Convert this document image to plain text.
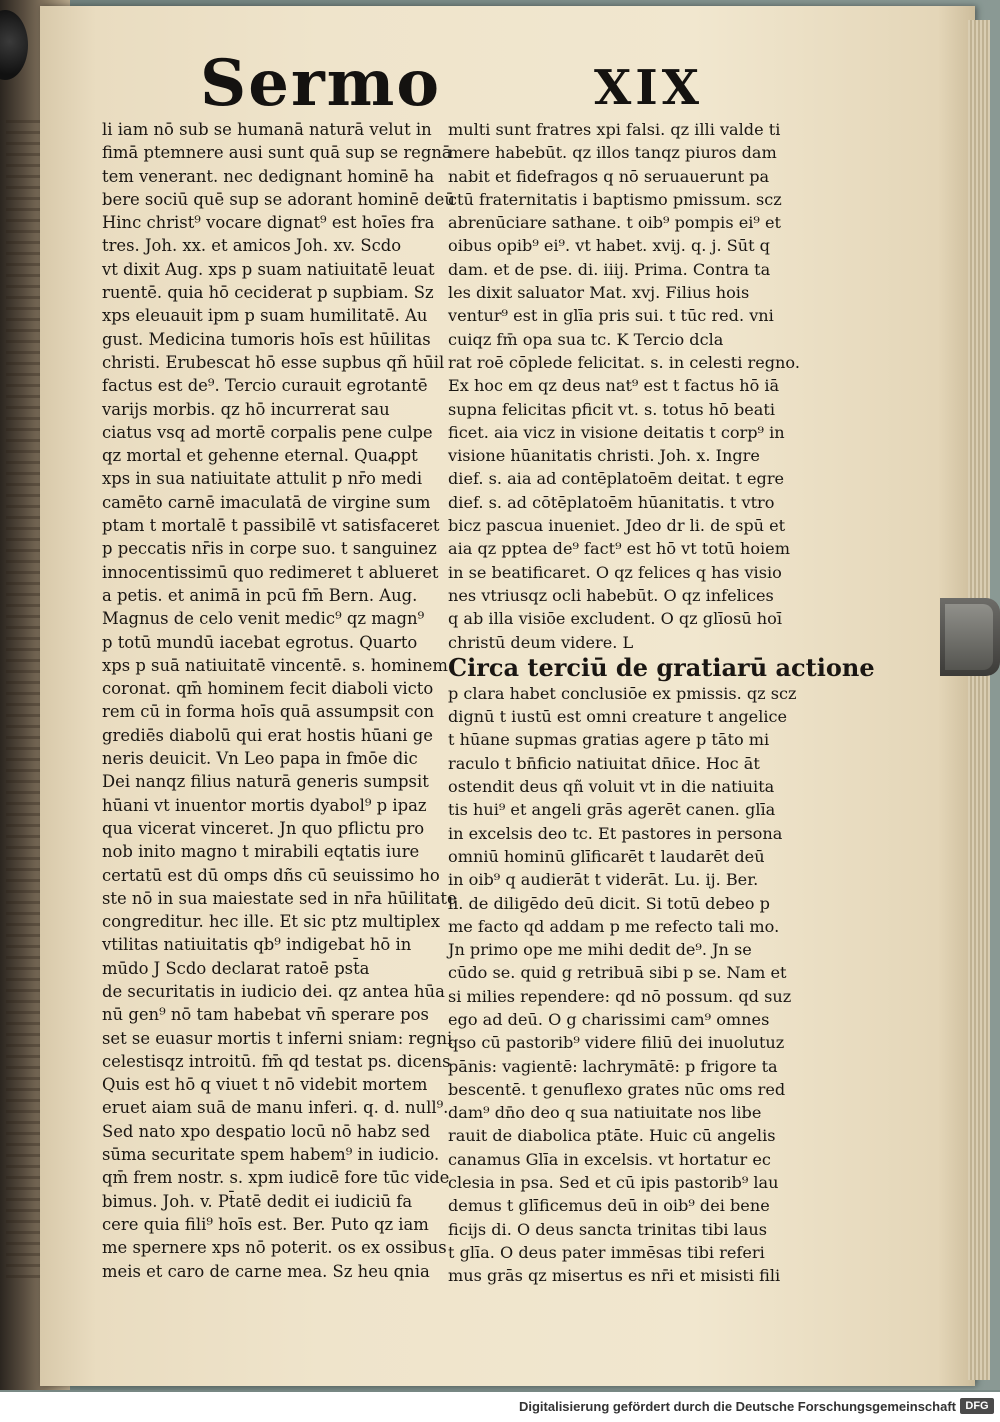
Sermo	XIX
li iam nō sub se humanā naturā velut in
fimā ptemnere ausi sunt quā sup se regnā
tem venerant. nec dedignant hominē ha
bere sociū quē sup se adorant hominē deū
Hinc christ⁹ vocare dignat⁹ est hoīes fra
tres. Joh. xx. et amicos Joh. xv. Scdo
vt dixit Aug. xps p suam natiuitatē leuat
ruentē. quia hō ceciderat p supbiam. Sz
xps eleuauit ipm p suam humilitatē. Au
gust. Medicina tumoris hoīs est hūilitas
christi. Erubescat hō esse supbus qñ hūil
factus est de⁹. Tercio curauit egrotantē
varijs morbis. qz hō incurrerat sau
ciatus vsq ad mortē corpalis pene culpe
qz mortal et gehenne eternal. Quaꝓpt
xps in sua natiuitate attulit p nr̄o medi
camēto carnē imaculatā de virgine sum
ptam t mortalē t passibilē vt satisfaceret
p peccatis nr̄is in corpe suo. t sanguinez
innocentissimū quo redimeret t ablueret
a petis. et animā in pcū fm̄ Bern. Aug.
Magnus de celo venit medic⁹ qz magn⁹
p totū mundū iacebat egrotus. Quarto
xps p suā natiuitatē vincentē. s. hominem
coronat. qm̄ hominem fecit diaboli victo
rem cū in forma hoīs quā assumpsit con
grediēs diabolū qui erat hostis hūani ge
neris deuicit. Vn Leo papa in fmōe dic
Dei nanqz filius naturā generis sumpsit
hūani vt inuentor mortis dyabol⁹ p ipaz
qua vicerat vinceret. Jn quo pflictu pro
nob inito magno t mirabili eqtatis iure
certatū est dū omps dñs cū seuissimo ho
ste nō in sua maiestate sed in nr̄a hūilitate
congreditur. hec ille. Et sic ptz multiplex
vtilitas natiuitatis qb⁹ indigebat hō in
mūdo J Scdo declarat ratoē pst̄a
de securitatis in iudicio dei. qz antea hūa
nū gen⁹ nō tam habebat vn̄ sperare pos
set se euasur mortis t inferni sniam: regni
celestisqz introitū. fm̄ qd testat ps. dicens
Quis est hō q viuet t nō videbit mortem
eruet aiam suā de manu inferi. q. d. null⁹.
Sed nato xpo desꝑatio locū nō habz sed
sūma securitate spem habem⁹ in iudicio.
qm̄ frem nostr. s. xpm iudicē fore tūc vide
bimus. Joh. v. Pt̄atē dedit ei iudiciū fa
cere quia fili⁹ hoīs est. Ber. Puto qz iam
me spernere xps nō poterit. os ex ossibus
meis et caro de carne mea. Sz heu qnia
multi sunt fratres xpi falsi. qz illi valde ti
mere habebūt. qz illos tanqz piuros dam
nabit et fidefragos q nō seruauerunt pa
ctū fraternitatis i baptismo pmissum. scz
abrenūciare sathane. t oib⁹ pompis ei⁹ et
oibus opib⁹ ei⁹. vt habet. xvij. q. j. Sūt q
dam. et de pse. di. iiij. Prima. Contra ta
les dixit saluator Mat. xvj. Filius hois
ventur⁹ est in glīa pris sui. t tūc red. vni
cuiqz fm̄ opa sua tc. K Tercio dcla
rat roē cōplede felicitat. s. in celesti regno.
Ex hoc em qz deus nat⁹ est t factus hō iā
supna felicitas pficit vt. s. totus hō beati
ficet. aia vicz in visione deitatis t corp⁹ in
visione hūanitatis christi. Joh. x. Ingre
dief. s. aia ad contēplatoēm deitat. t egre
dief. s. ad cōtēplatoēm hūanitatis. t vtro
bicz pascua inueniet. Jdeo dr li. de spū et
aia qz pptea de⁹ fact⁹ est hō vt totū hoiem
in se beatificaret. O qz felices q has visio
nes vtriusqz ocli habebūt. O qz infelices
q ab illa visiōe excludent. O qz glīosū hoī
christū deum videre. L
Circa terciū de gratiarū actione
p clara habet conclusiōe ex pmissis. qz scz
dignū t iustū est omni creature t angelice
t hūane supmas gratias agere p tāto mi
raculo t bn̄ficio natiuitat dn̄ice. Hoc āt
ostendit deus qñ voluit vt in die natiuita
tis hui⁹ et angeli grās agerēt canen. glīa
in excelsis deo tc. Et pastores in persona
omniū hominū glīficarēt t laudarēt deū
in oib⁹ q audierāt t viderāt. Lu. ij. Ber.
li. de diligēdo deū dicit. Si totū debeo p
me facto qd addam p me refecto tali mo.
Jn primo ope me mihi dedit de⁹. Jn se
cūdo se. quid g retribuā sibi p se. Nam et
si milies rependere: qd nō possum. qd suz
ego ad deū. O g charissimi cam⁹ omnes
qso cū pastorib⁹ videre filiū dei inuolutuz
pānis: vagientē: lachrymātē: p frigore ta
bescentē. t genuflexo grates nūc oms red
dam⁹ dn̄o deo q sua natiuitate nos libe
rauit de diabolica ptāte. Huic cū angelis
canamus Glīa in excelsis. vt hortatur ec
clesia in psa. Sed et cū ipis pastorib⁹ lau
demus t glīficemus deū in oib⁹ dei bene
ficijs di. O deus sancta trinitas tibi laus
t glīa. O deus pater immēsas tibi referi
mus grās qz misertus es nr̄i et misisti fili
Digitalisierung gefördert durch die Deutsche Forschungsgemeinschaft DFG
